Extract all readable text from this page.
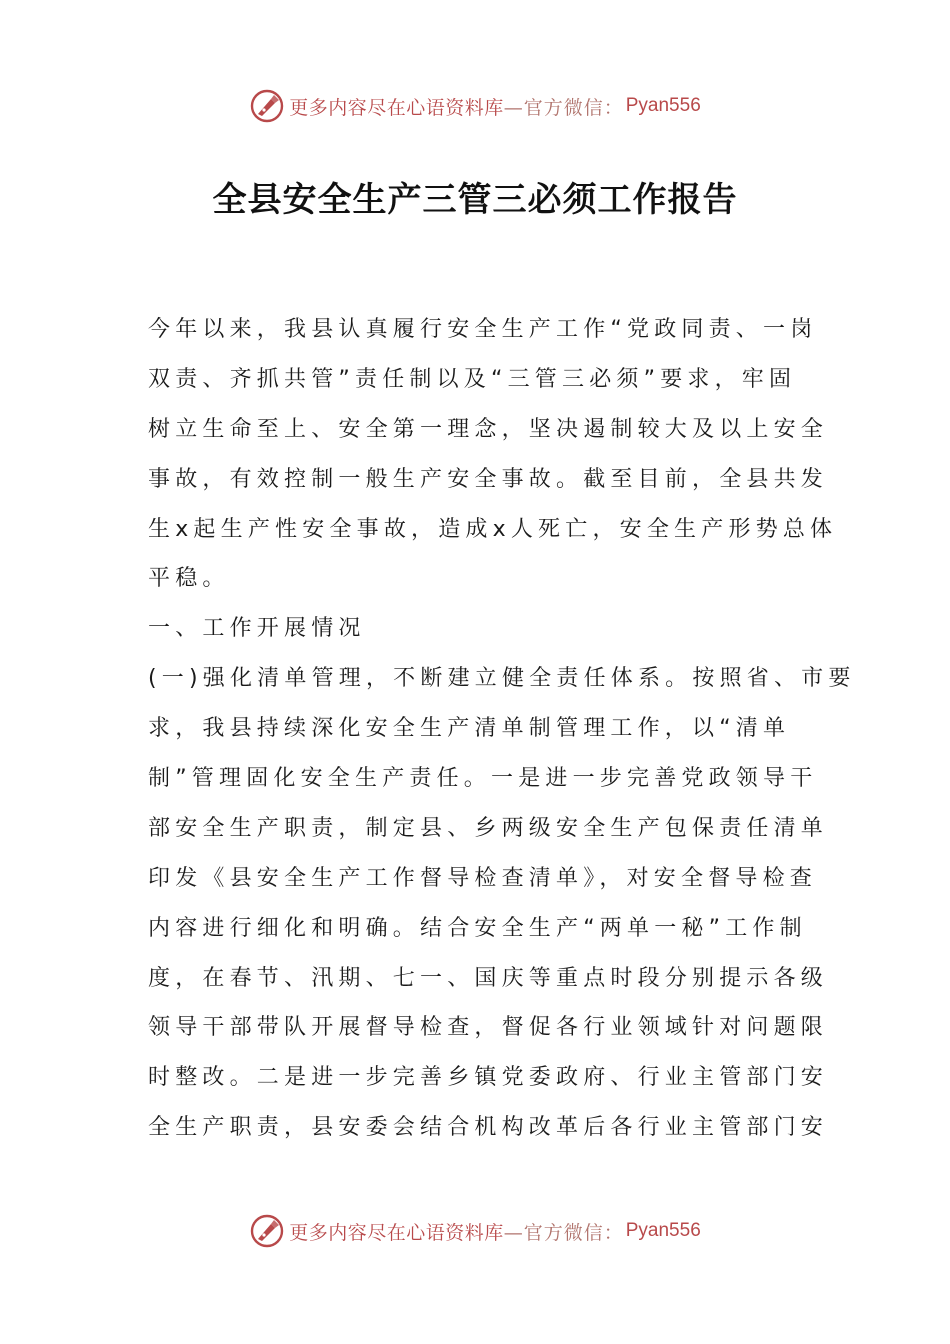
更多内容尽在心语资料库 —官方微信： Pyan556
全县安全生产三管三必须工作报告
今年以来，我县认真履行安全生产工作“党政同责、一岗
双责、齐抓共管”责任制以及“三管三必须”要求，牢固
树立生命至上、安全第一理念，坚决遏制较大及以上安全
事故，有效控制一般生产安全事故。截至目前，全县共发
生x起生产性安全事故，造成x人死亡，安全生产形势总体
平稳。
一、工作开展情况
(一)强化清单管理，不断建立健全责任体系。按照省、市要
求，我县持续深化安全生产清单制管理工作，以“清单
制”管理固化安全生产责任。一是进一步完善党政领导干
部安全生产职责，制定县、乡两级安全生产包保责任清单
印发《县安全生产工作督导检查清单》，对安全督导检查
内容进行细化和明确。结合安全生产“两单一秘”工作制
度，在春节、汛期、七一、国庆等重点时段分别提示各级
领导干部带队开展督导检查，督促各行业领域针对问题限
时整改。二是进一步完善乡镇党委政府、行业主管部门安
全生产职责，县安委会结合机构改革后各行业主管部门安
更多内容尽在心语资料库 —官方微信： Pyan556
